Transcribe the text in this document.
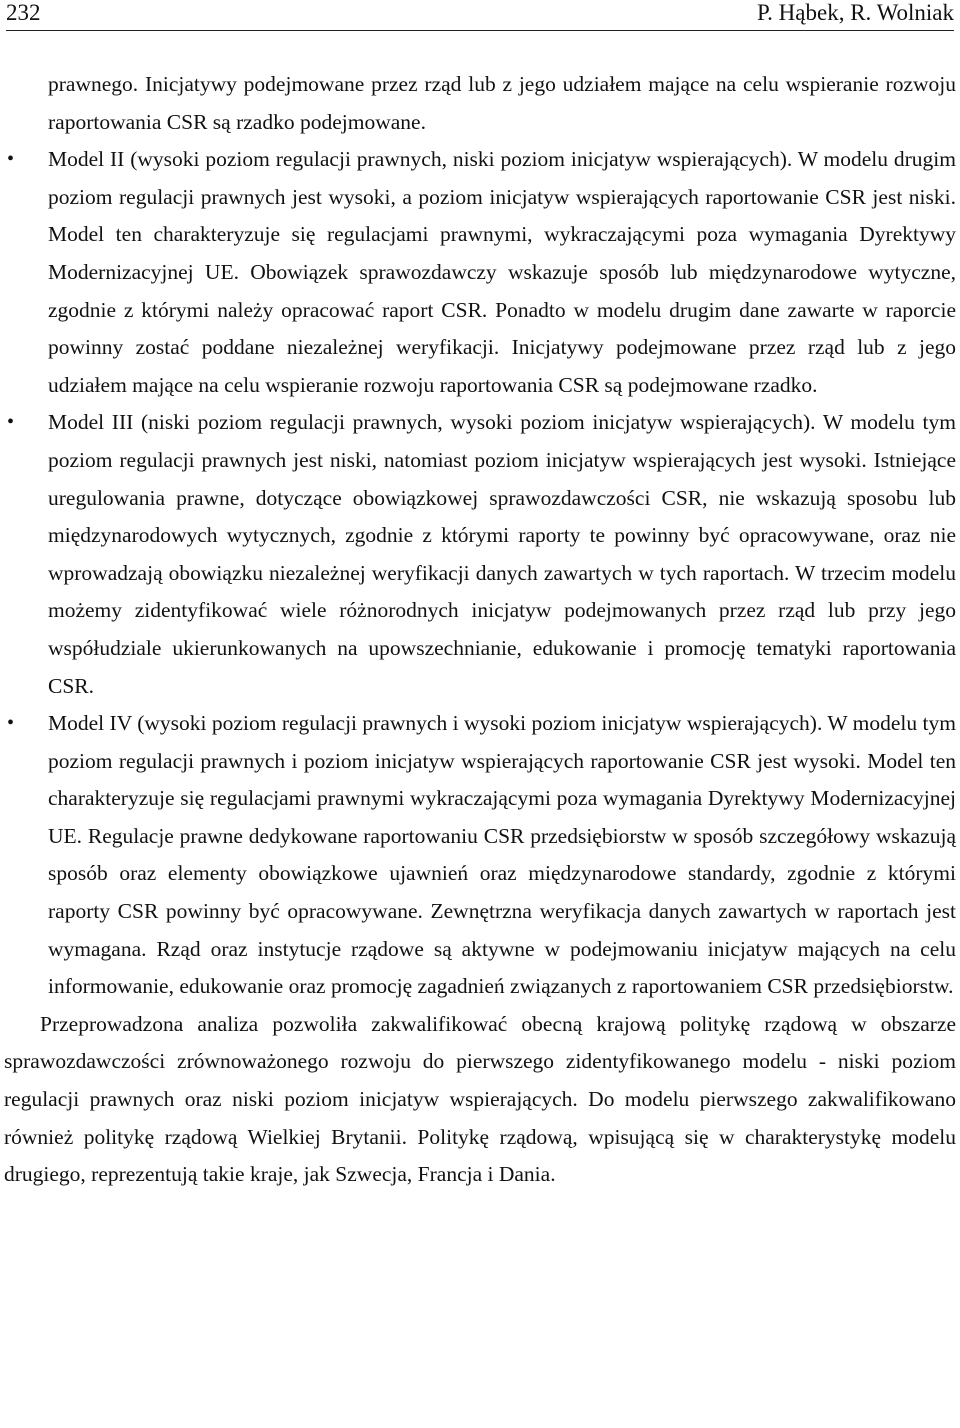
232	P. Hąbek, R. Wolniak

prawnego. Inicjatywy podejmowane przez rząd lub z jego udziałem mające na celu wspieranie rozwoju raportowania CSR są rzadko podejmowane.

• Model II (wysoki poziom regulacji prawnych, niski poziom inicjatyw wspierających). W modelu drugim poziom regulacji prawnych jest wysoki, a poziom inicjatyw wspierających raportowanie CSR jest niski. Model ten charakteryzuje się regulacjami prawnymi, wykraczającymi poza wymagania Dyrektywy Modernizacyjnej UE. Obowiązek sprawozdawczy wskazuje sposób lub międzynarodowe wytyczne, zgodnie z którymi należy opracować raport CSR. Ponadto w modelu drugim dane zawarte w raporcie powinny zostać poddane niezależnej weryfikacji. Inicjatywy podejmowane przez rząd lub z jego udziałem mające na celu wspieranie rozwoju raportowania CSR są podejmowane rzadko.
• Model III (niski poziom regulacji prawnych, wysoki poziom inicjatyw wspierających). W modelu tym poziom regulacji prawnych jest niski, natomiast poziom inicjatyw wspierających jest wysoki. Istniejące uregulowania prawne, dotyczące obowiązkowej sprawozdawczości CSR, nie wskazują sposobu lub międzynarodowych wytycznych, zgodnie z którymi raporty te powinny być opracowywane, oraz nie wprowadzają obowiązku niezależnej weryfikacji danych zawartych w tych raportach. W trzecim modelu możemy zidentyfikować wiele różnorodnych inicjatyw podejmowanych przez rząd lub przy jego współudziale ukierunkowanych na upowszechnianie, edukowanie i promocję tematyki raportowania CSR.
• Model IV (wysoki poziom regulacji prawnych i wysoki poziom inicjatyw wspierających). W modelu tym poziom regulacji prawnych i poziom inicjatyw wspierających raportowanie CSR jest wysoki. Model ten charakteryzuje się regulacjami prawnymi wykraczającymi poza wymagania Dyrektywy Modernizacyjnej UE. Regulacje prawne dedykowane raportowaniu CSR przedsiębiorstw w sposób szczegółowy wskazują sposób oraz elementy obowiązkowe ujawnień oraz międzynarodowe standardy, zgodnie z którymi raporty CSR powinny być opracowywane. Zewnętrzna weryfikacja danych zawartych w raportach jest wymagana. Rząd oraz instytucje rządowe są aktywne w podejmowaniu inicjatyw mających na celu informowanie, edukowanie oraz promocję zagadnień związanych z raportowaniem CSR przedsiębiorstw.

Przeprowadzona analiza pozwoliła zakwalifikować obecną krajową politykę rządową w obszarze sprawozdawczości zrównoważonego rozwoju do pierwszego zidentyfikowanego modelu - niski poziom regulacji prawnych oraz niski poziom inicjatyw wspierających. Do modelu pierwszego zakwalifikowano również politykę rządową Wielkiej Brytanii. Politykę rządową, wpisującą się w charakterystykę modelu drugiego, reprezentują takie kraje, jak Szwecja, Francja i Dania.
